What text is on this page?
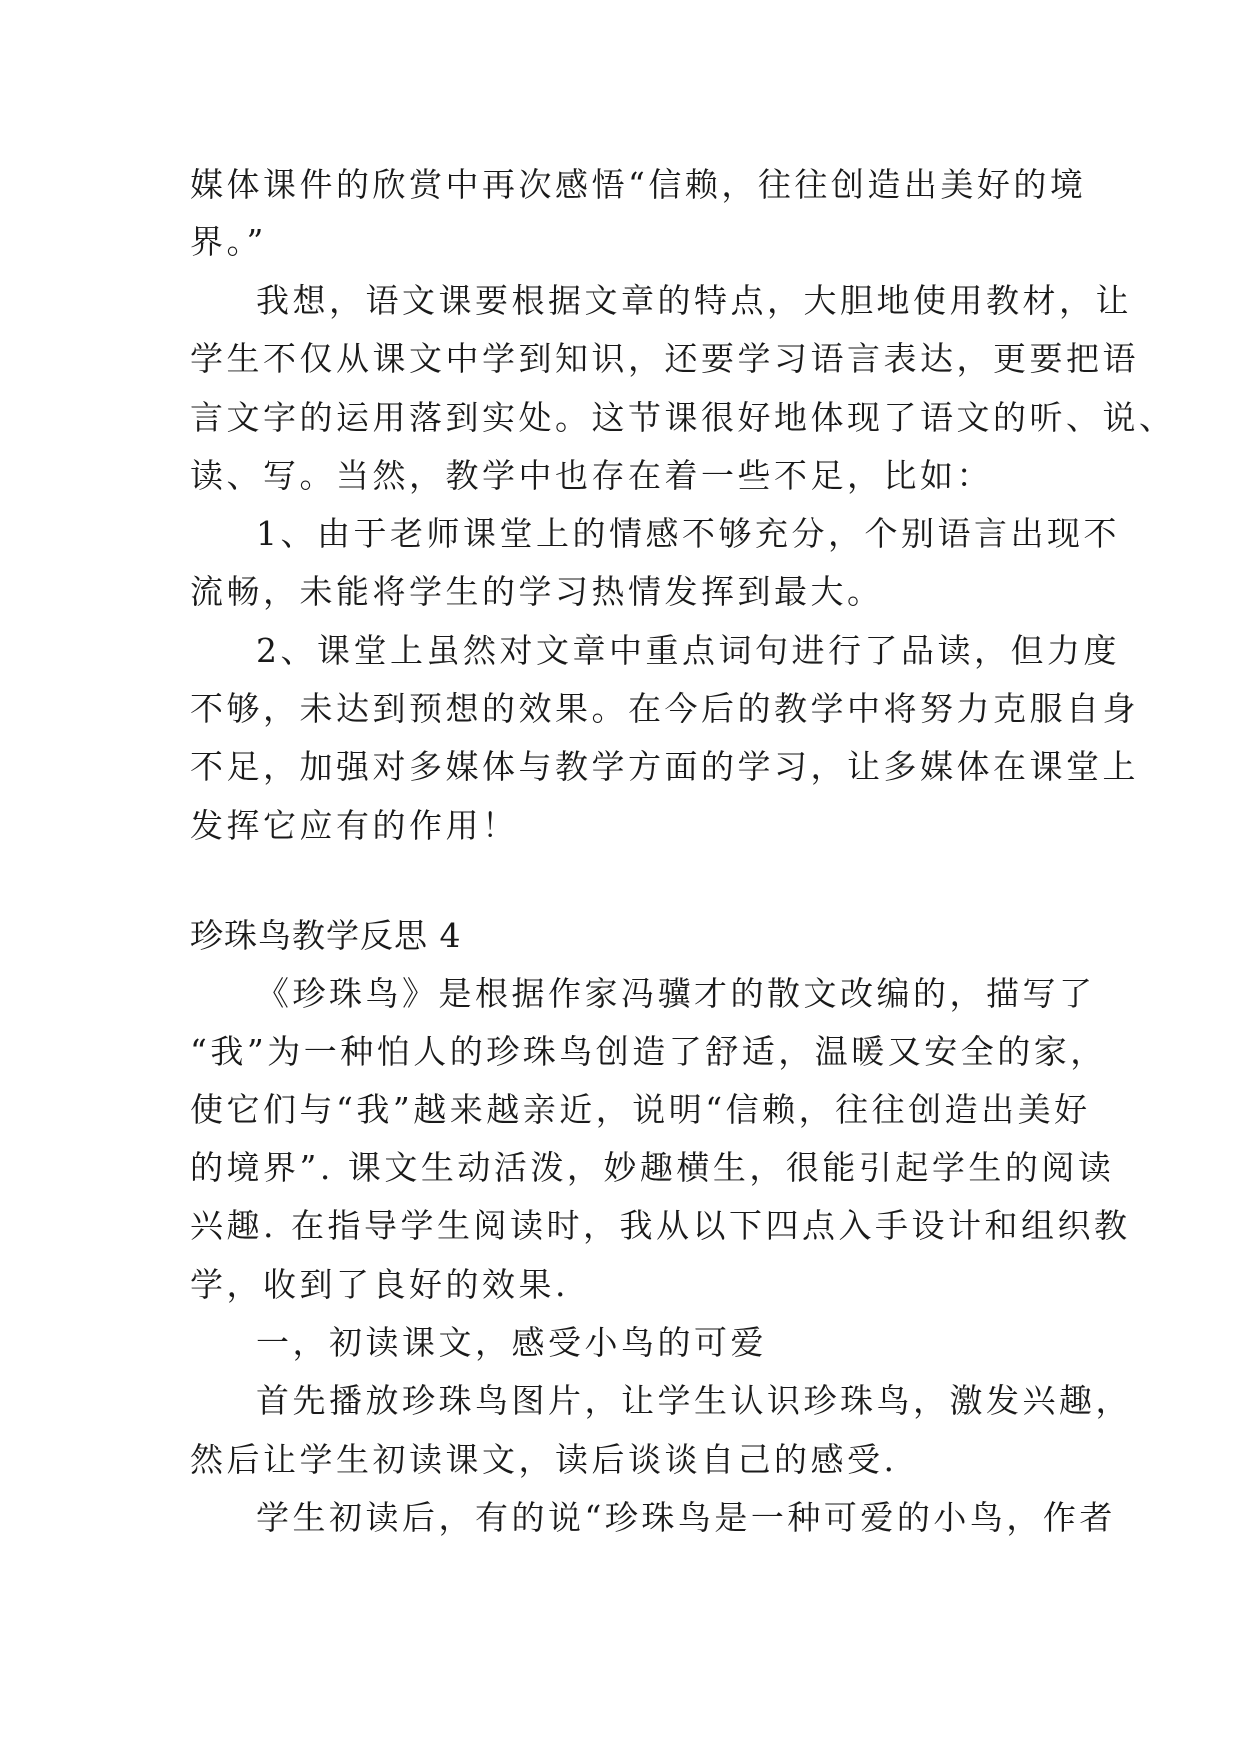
媒体课件的欣赏中再次感悟“信赖，往往创造出美好的境
界。”
我想，语文课要根据文章的特点，大胆地使用教材，让
学生不仅从课文中学到知识，还要学习语言表达，更要把语
言文字的运用落到实处。这节课很好地体现了语文的听、说、
读、写。当然，教学中也存在着一些不足，比如：
1、由于老师课堂上的情感不够充分，个别语言出现不
流畅，未能将学生的学习热情发挥到最大。
2、课堂上虽然对文章中重点词句进行了品读，但力度
不够，未达到预想的效果。在今后的教学中将努力克服自身
不足，加强对多媒体与教学方面的学习，让多媒体在课堂上
发挥它应有的作用！
珍珠鸟教学反思 4
《珍珠鸟》是根据作家冯骥才的散文改编的，描写了
“我”为一种怕人的珍珠鸟创造了舒适，温暖又安全的家，
使它们与“我”越来越亲近，说明“信赖，往往创造出美好
的境界”. 课文生动活泼，妙趣横生，很能引起学生的阅读
兴趣. 在指导学生阅读时，我从以下四点入手设计和组织教
学，收到了良好的效果.
一，初读课文，感受小鸟的可爱
首先播放珍珠鸟图片，让学生认识珍珠鸟，激发兴趣，
然后让学生初读课文，读后谈谈自己的感受.
学生初读后，有的说“珍珠鸟是一种可爱的小鸟，作者
